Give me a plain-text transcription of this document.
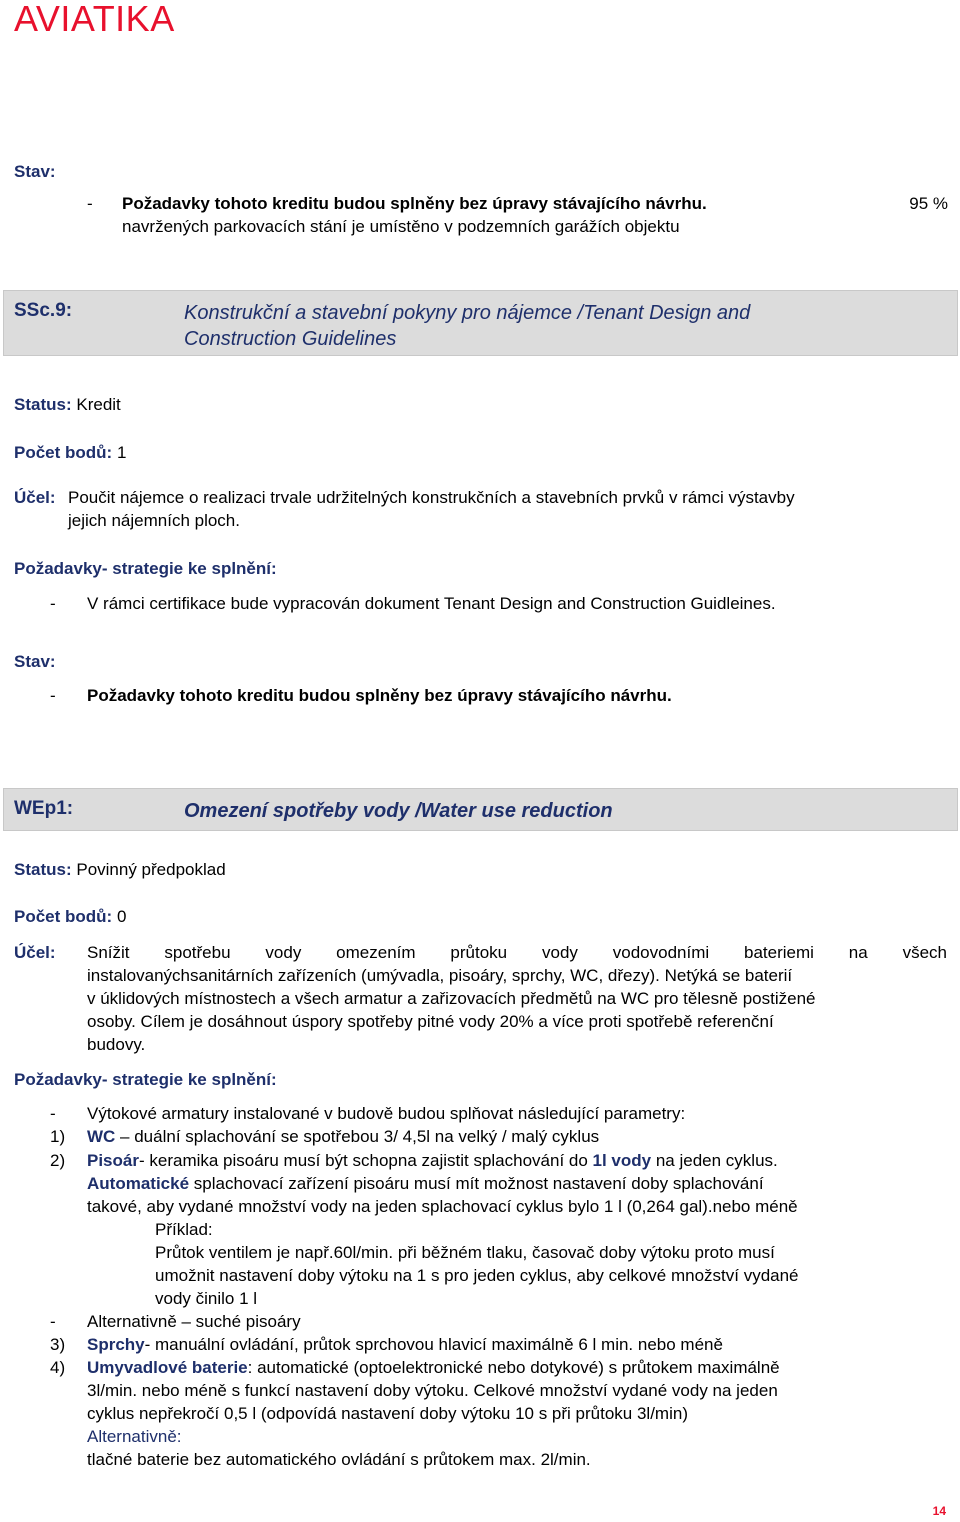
AVIATIKA
Stav:
- Požadavky tohoto kreditu budou splněny bez úpravy stávajícího návrhu.	95 %
navržených parkovacích stání je umístěno v podzemních garážích objektu
SSc.9:	Konstrukční a stavební pokyny pro nájemce /Tenant Design and
Construction Guidelines
Status: Kredit
Počet bodů: 1
Účel: Poučit nájemce o realizaci trvale udržitelných konstrukčních a stavebních prvků v rámci výstavby
jejich nájemních ploch.
Požadavky- strategie ke splnění:
- V rámci certifikace bude vypracován dokument Tenant Design and Construction Guidleines.
Stav:
- Požadavky tohoto kreditu budou splněny bez úpravy stávajícího návrhu.
WEp1:	Omezení spotřeby vody /Water use reduction
Status: Povinný předpoklad
Počet bodů: 0
Účel: Snížit spotřebu vody omezením průtoku vody vodovodními bateriemi na všech
instalovanýchsanitárních zařízeních (umývadla, pisoáry, sprchy, WC, dřezy). Netýká se baterií
v úklidových místnostech a všech armatur a zařizovacích předmětů na WC pro tělesně postižené
osoby. Cílem je dosáhnout úspory spotřeby pitné vody 20% a více proti spotřebě referenční
budovy.
Požadavky- strategie ke splnění:
- Výtokové armatury instalované v budově budou splňovat následující parametry:
1) WC – duální splachování se spotřebou 3/ 4,5l na velký / malý cyklus
2) Pisoár- keramika pisoáru musí být schopna zajistit splachování do 1l vody na jeden cyklus.
Automatické splachovací zařízení pisoáru musí mít možnost nastavení doby splachování
takové, aby vydané množství vody na jeden splachovací cyklus bylo 1 l (0,264 gal).nebo méně
Příklad:
Průtok ventilem je např.60l/min. při běžném tlaku, časovač doby výtoku proto musí
umožnit nastavení doby výtoku na 1 s pro jeden cyklus, aby celkové množství vydané
vody činilo 1 l
- Alternativně – suché pisoáry
3) Sprchy- manuální ovládání, průtok sprchovou hlavicí maximálně 6 l min. nebo méně
4) Umyvadlové baterie: automatické (optoelektronické nebo dotykové) s průtokem maximálně
3l/min. nebo méně s funkcí nastavení doby výtoku. Celkové množství vydané vody na jeden
cyklus nepřekročí 0,5 l (odpovídá nastavení doby výtoku 10 s při průtoku 3l/min)
Alternativně:
tlačné baterie bez automatického ovládání s průtokem max. 2l/min.
14
